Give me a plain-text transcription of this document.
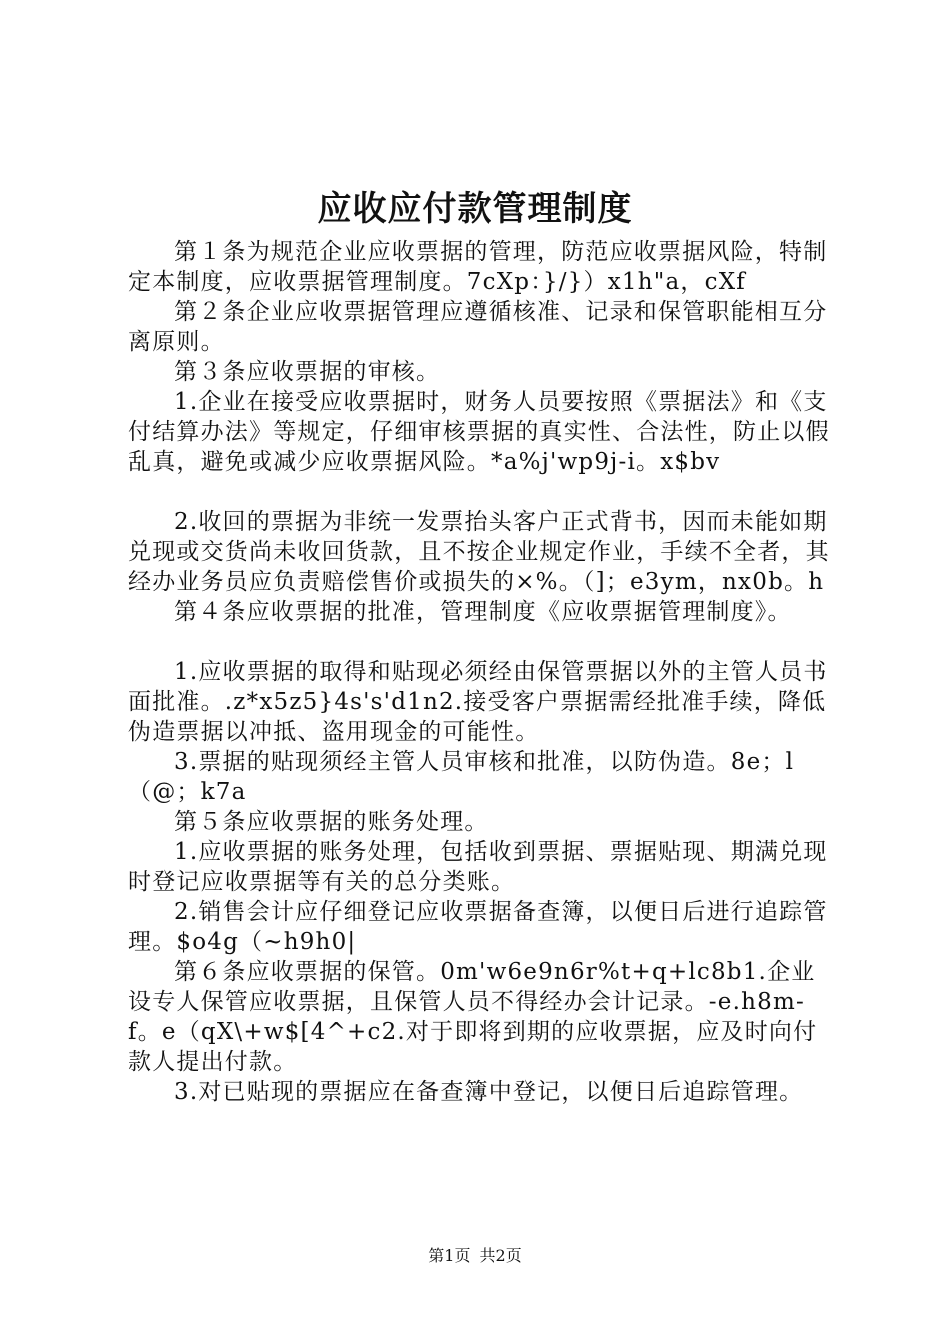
应收应付款管理制度

第１条为规范企业应收票据的管理，防范应收票据风险，特制定本制度，应收票据管理制度。7cXp：}/}）x1h"a，cXf

第２条企业应收票据管理应遵循核准、记录和保管职能相互分离原则。

第３条应收票据的审核。

1.企业在接受应收票据时，财务人员要按照《票据法》和《支付结算办法》等规定，仔细审核票据的真实性、合法性，防止以假乱真，避免或减少应收票据风险。*a%j'wp9j-i。x$bv

2.收回的票据为非统一发票抬头客户正式背书，因而未能如期兑现或交货尚未收回货款，且不按企业规定作业，手续不全者，其经办业务员应负责赔偿售价或损失的×%。（]；e3ym，nx0b。h

第４条应收票据的批准，管理制度《应收票据管理制度》。

1.应收票据的取得和贴现必须经由保管票据以外的主管人员书面批准。.z*x5z5}4s's'd1n2.接受客户票据需经批准手续，降低伪造票据以冲抵、盗用现金的可能性。

3.票据的贴现须经主管人员审核和批准，以防伪造。8e；l（@；k7a

第５条应收票据的账务处理。

1.应收票据的账务处理，包括收到票据、票据贴现、期满兑现时登记应收票据等有关的总分类账。

2.销售会计应仔细登记应收票据备查簿，以便日后进行追踪管理。$o4g（~h9h0|

第６条应收票据的保管。0m'w6e9n6r%t+q+lc8b1.企业设专人保管应收票据，且保管人员不得经办会计记录。-e.h8m-f。e（qX\+w$[4^+c2.对于即将到期的应收票据，应及时向付款人提出付款。

3.对已贴现的票据应在备查簿中登记，以便日后追踪管理。

第1页 共2页
